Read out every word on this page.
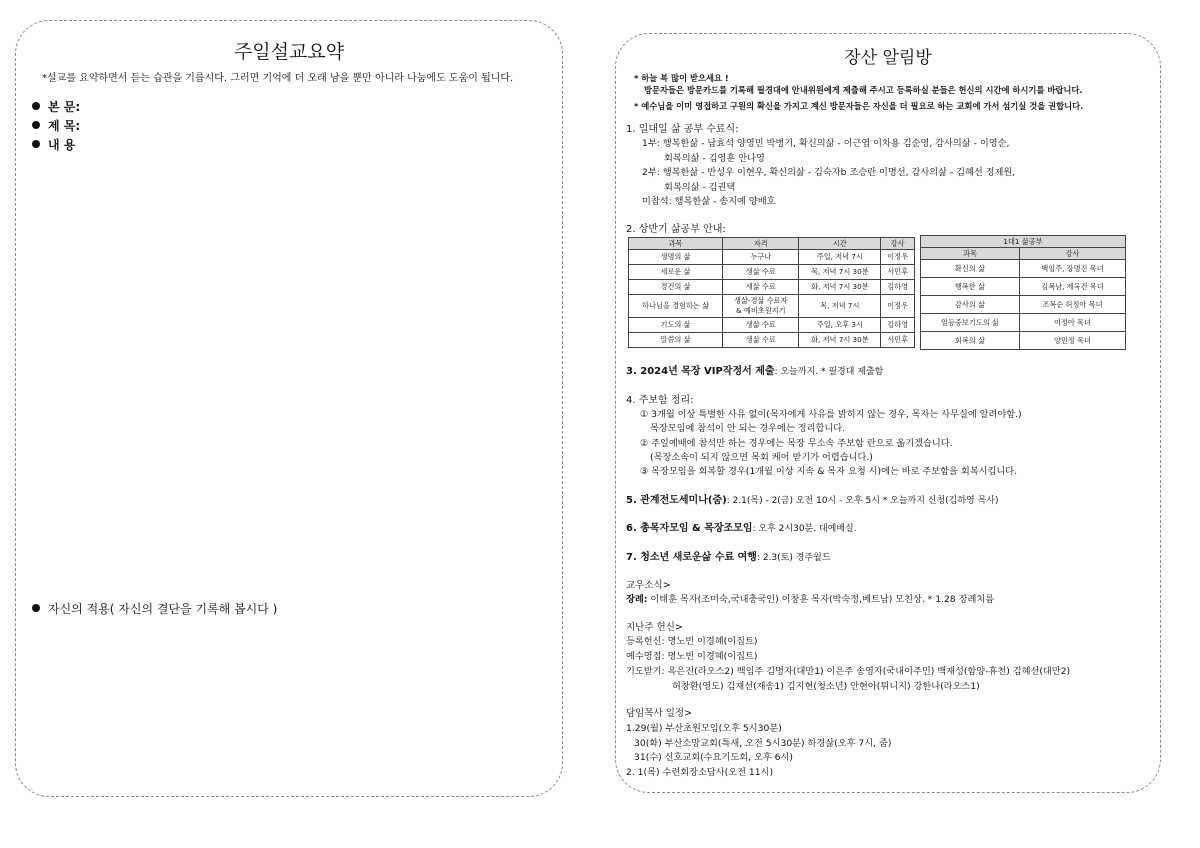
주일설교요약
*설교를 요약하면서 듣는 습관을 기릅시다. 그러면 기억에 더 오래 남을 뿐만 아니라 나눔에도 도움이 됩니다.
본 문:
제 목:
내 용
자신의 적용( 자신의 결단을 기록해 봅시다 )
장산 알림방
* 하늘 복 많이 받으세요 !
방문자들은 방문카드를 기록해 필경대에 안내위원에게 제출해 주시고 등록하실 분들은 헌신의 시간에 하시기를 바랍니다.
* 예수님을 이미 영접하고 구원의 확신을 가지고 계신 방문자들은 자신을 더 필요로 하는 교회에 가서 섬기실 것을 권합니다.
1. 일대일 삶 공부 수료식:
1부: 행복한삶 - 남효석 양영민 박병기, 확신의삶 - 이근엽 이차용 김순영, 감사의삶 - 이영순,
회복의삶 - 김영훈 안나영
2부: 행복한삶 - 반성우 이현우, 확신의삶 - 김숙자b 조승란 이명선, 감사의삶 - 김혜선 정제원,
회복의삶 - 김권택
미참석: 행복한삶 - 송지예 양배호
2. 상반기 삶공부 안내:
과목	자격	시간	강사
생명의 삶	누구나	주일, 저녁 7시	이정우
새로운 삶	생삶 수료	목, 저녁 7시 30분	서민후
경건의 삶	새삶 수료	화, 저녁 7시 30분	김하영
하나님을 경험하는 삶	생삶-경삶 수료자
& 예비초원지기	목, 저녁 7시	이정우
기도의 삶	생삶 수료	주일, 오후 3시	김하영
말씀의 삶	생삶 수료	화, 저녁 7시 30분	서민후
1대1 삶공부	
과목	강사
확신의 삶	백임주, 장명진 목녀
행복한 삶	김복남, 제옥건 목녀
감사의 삶	조복순 허정아 목녀
일등중보기도의 삶	이정아 목녀
회복의 삶	양민정 목녀
3. 2024년 목장 VIP작정서 제출: 오늘까지. * 필경대 제출함
4. 주보함 정리:
① 3개월 이상 특별한 사유 없이(목자에게 사유를 밝히지 않는 경우, 목자는 사무실에 알려야함.)
목장모임에 참석이 안 되는 경우에는 정리합니다.
② 주일예배에 참석만 하는 경우에는 목장 무소속 주보함 란으로 옮기겠습니다.
(목장소속이 되지 않으면 목회 케어 받기가 어렵습니다.)
③ 목장모임을 회복할 경우(1개월 이상 지속 & 목자 요청 시)에는 바로 주보함을 회복시킵니다.
5. 관계전도세미나(줌): 2.1(목) - 2(금) 오전 10시 - 오후 5시 * 오늘까지 신청(김하영 목사)
6. 총목자모임 & 목장조모임: 오후 2시30분. 대예배실.
7. 청소년 새로운삶 수료 여행: 2.3(토) 경주월드
교우소식>
장례: 이태훈 목자(조미숙,국내충국인) 이창훈 목자(박숙정,베트남) 모친상. * 1.28 장례치름
지난주 헌신>
등록헌신: 명노빈 이경혜(이집트)
예수영접: 명노빈 이경혜(이집트)
기도받기: 옥은진(라오스2) 백임주 김명자(대만1) 이은주 송영자(국내이주민) 백재성(함양-휴천) 김혜선(대만2)
허창환(영도) 김재선(재송1) 김지현(청소년) 안현아(튀니지) 강한나(라오스1)
담임목사 일정>
1.29(월) 부산초원모임(오후 5시30분)
30(화) 부산소망교회(특새, 오전 5시30분) 하경삶(오후 7시, 줌)
31(수) 신호교회(수요기도회, 오후 6시)
2. 1(목) 수련회장소답사(오전 11시)
